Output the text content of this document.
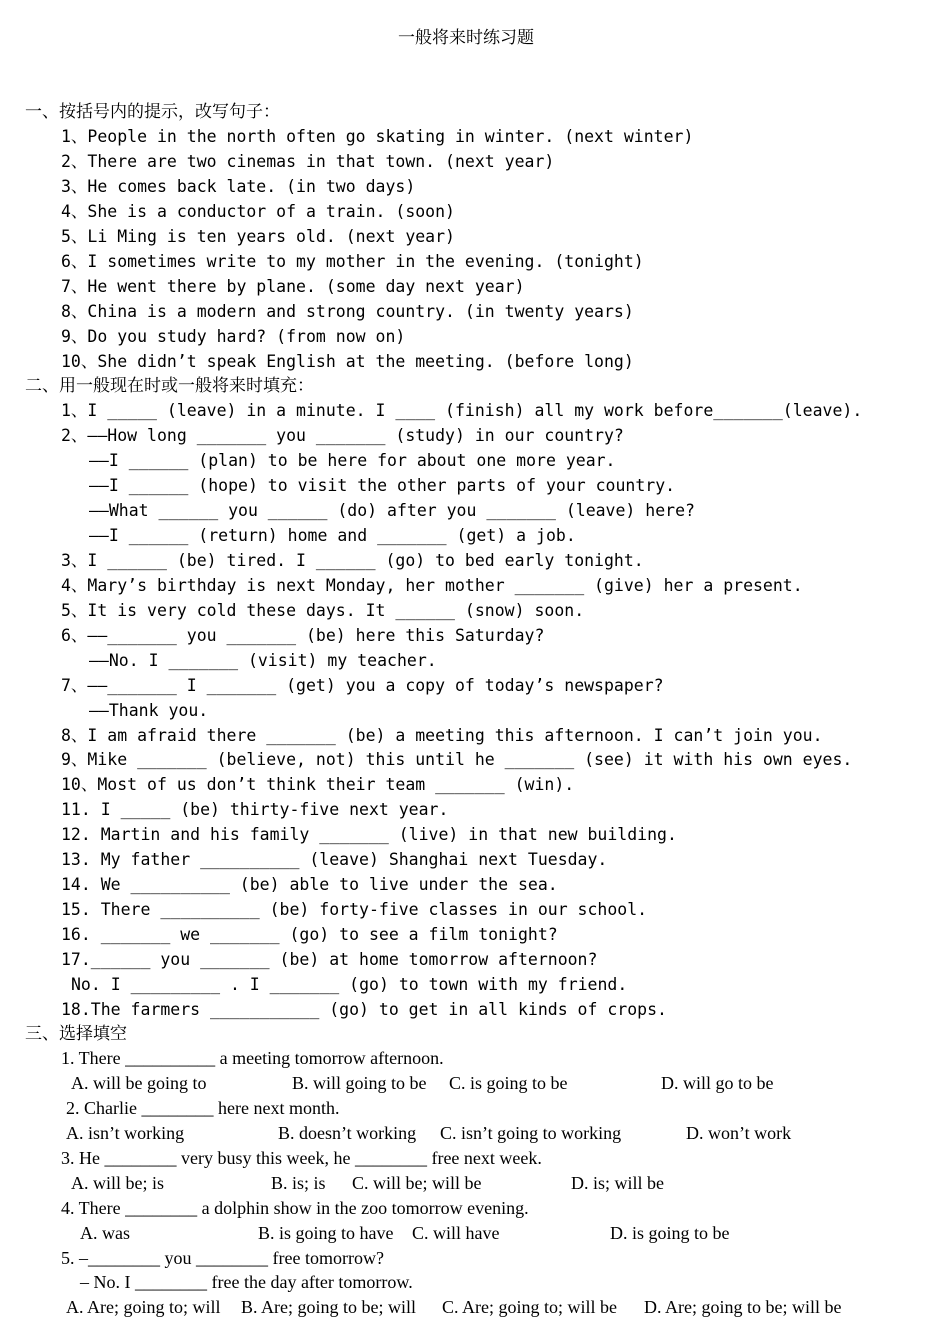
一般将来时练习题
一、按括号内的提示，改写句子：
1、People in the north often go skating in winter. (next winter)
2、There are two cinemas in that town. (next year)
3、He comes back late. (in two days)
4、She is a conductor of a train. (soon)
5、Li Ming is ten years old. (next year)
6、I sometimes write to my mother in the evening. (tonight)
7、He went there by plane. (some day next year)
8、China is a modern and strong country. (in twenty years)
9、Do you study hard? (from now on)
10、She didn’t speak English at the meeting. (before long)
二、用一般现在时或一般将来时填充：
1、I _____ (leave) in a minute. I ____ (finish) all my work before_______(leave).
2、——How long _______ you _______ (study) in our country?
——I ______ (plan) to be here for about one more year.
——I ______ (hope) to visit the other parts of your country.
——What ______ you ______ (do) after you _______ (leave) here?
——I ______ (return) home and _______ (get) a job.
3、I ______ (be) tired. I ______ (go) to bed early tonight.
4、Mary’s birthday is next Monday, her mother _______ (give) her a present.
5、It is very cold these days. It ______ (snow) soon.
6、——_______ you _______ (be) here this Saturday?
——No. I _______ (visit) my teacher.
7、——_______ I _______ (get) you a copy of today’s newspaper?
——Thank you.
8、I am afraid there _______ (be) a meeting this afternoon. I can’t join you.
9、Mike _______ (believe, not) this until he _______ (see) it with his own eyes.
10、Most of us don’t think their team _______ (win).
11. I _____ (be) thirty-five next year.
12. Martin and his family _______ (live) in that new building.
13. My father __________ (leave) Shanghai next Tuesday.
14. We __________ (be) able to live under the sea.
15. There __________ (be) forty-five classes in our school.
16. _______ we _______ (go) to see a film tonight?
17.______ you _______ (be) at home tomorrow afternoon?
No. I _________ . I _______ (go) to town with my friend.
18.The farmers ___________ (go) to get in all kinds of crops.
三、选择填空
1. There __________ a meeting tomorrow afternoon.
A. will be going to	B. will going to be C. is going to be	D. will go to be
2. Charlie ________ here next month.
A. isn’t working	B. doesn’t working C. isn’t going to working	D. won’t work
3. He ________ very busy this week, he ________ free next week.
A. will be; is	B. is; is C. will be; will be	D. is; will be
4. There ________ a dolphin show in the zoo tomorrow evening.
A. was	B. is going to have C. will have	D. is going to be
5. –________ you ________ free tomorrow?
– No. I ________ free the day after tomorrow.
A. Are; going to; will B. Are; going to be; will C. Are; going to; will be D. Are; going to be; will be
